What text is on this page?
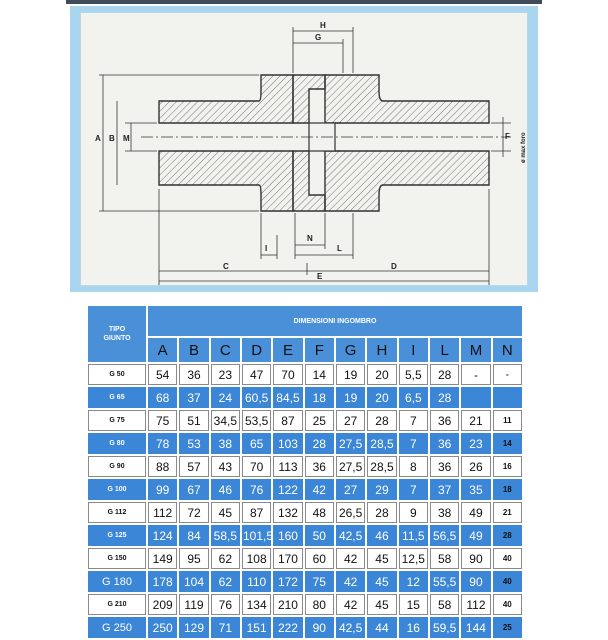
H
G
A B M	F
I
N
L
C	D
E
ø max foro
TIPO
GIUNTO	DIMENSIONI INGOMBRO											
	A	B	C	D	E	F	G	H	I	L	M	N
G 50	54	36	23	47	70	14	19	20	5,5	28	-	-
G 65	68	37	24	60,5	84,5	18	19	20	6,5	28		
G 75	75	51	34,5	53,5	87	25	27	28	7	36	21	11
G 80	78	53	38	65	103	28	27,5	28,5	7	36	23	14
G 90	88	57	43	70	113	36	27,5	28,5	8	36	26	16
G 100	99	67	46	76	122	42	27	29	7	37	35	18
G 112	112	72	45	87	132	48	26,5	28	9	38	49	21
G 125	124	84	58,5	101,5	160	50	42,5	46	11,5	56,5	49	28
G 150	149	95	62	108	170	60	42	45	12,5	58	90	40
G 180	178	104	62	110	172	75	42	45	12	55,5	90	40
G 210	209	119	76	134	210	80	42	45	15	58	112	40
G 250	250	129	71	151	222	90	42,5	44	16	59,5	144	25
